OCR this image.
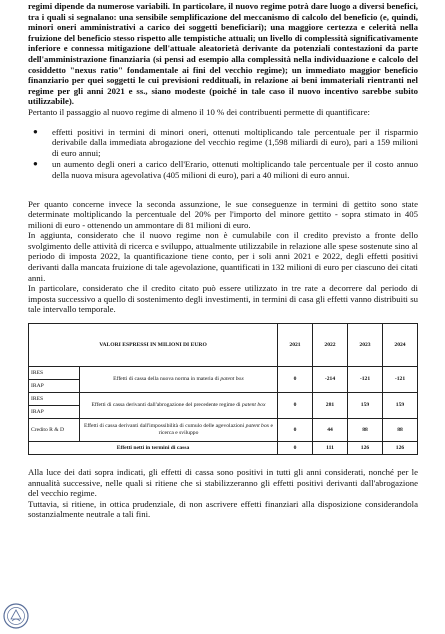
regimi dipende da numerose variabili. In particolare, il nuovo regime potrà dare luogo a diversi benefici, tra i quali si segnalano: una sensibile semplificazione del meccanismo di calcolo del beneficio (e, quindi, minori oneri amministrativi a carico dei soggetti beneficiari); una maggiore certezza e celerità nella fruizione del beneficio stesso rispetto alle tempistiche attuali; un livello di complessità significativamente inferiore e connessa mitigazione dell'attuale aleatorietà derivante da potenziali contestazioni da parte dell'amministrazione finanziaria (si pensi ad esempio alla complessità nella individuazione e calcolo del cosiddetto "nexus ratio" fondamentale ai fini del vecchio regime); un immediato maggior beneficio finanziario per quei soggetti le cui previsioni reddituali, in relazione ai beni immateriali rientranti nel regime per gli anni 2021 e ss., siano modeste (poiché in tale caso il nuovo incentivo sarebbe subito utilizzabile).

Pertanto il passaggio al nuovo regime di almeno il 10 % dei contribuenti permette di quantificare:

● effetti positivi in termini di minori oneri, ottenuti moltiplicando tale percentuale per il risparmio derivabile dalla immediata abrogazione del vecchio regime (1,598 miliardi di euro), pari a 159 milioni di euro annui;
● un aumento degli oneri a carico dell'Erario, ottenuti moltiplicando tale percentuale per il costo annuo della nuova misura agevolativa (405 milioni di euro), pari a 40 milioni di euro annui.

Per quanto concerne invece la seconda assunzione, le sue conseguenze in termini di gettito sono state determinate moltiplicando la percentuale del 20% per l'importo del minore gettito - sopra stimato in 405 milioni di euro - ottenendo un ammontare di 81 milioni di euro.

In aggiunta, considerato che il nuovo regime non è cumulabile con il credito previsto a fronte dello svolgimento delle attività di ricerca e sviluppo, attualmente utilizzabile in relazione alle spese sostenute sino al periodo di imposta 2022, la quantificazione tiene conto, per i soli anni 2021 e 2022, degli effetti positivi derivanti dalla mancata fruizione di tale agevolazione, quantificati in 132 milioni di euro per ciascuno dei citati anni.

In particolare, considerato che il credito citato può essere utilizzato in tre rate a decorrere dal periodo di imposta successivo a quello di sostenimento degli investimenti, in termini di casa gli effetti vanno distribuiti su tale intervallo temporale.

VALORI ESPRESSI IN MILIONI DI EURO		2021	2022	2023	2024
IRES	Effetti di cassa della nuova norma in materia di patent box	0	-214	-121	-121
IRAP					
IRES	Effetti di cassa derivanti dall'abrogazione del precedente regime di patent box	0	281	159	159
IRAP					
Credito R & D	Effetti di cassa derivanti dall'impossibilità di cumulo delle agevolazioni patent box e ricerca e sviluppo	0	44	88	88
Effetti netti in termini di cassa		0	111	126	126

Alla luce dei dati sopra indicati, gli effetti di cassa sono positivi in tutti gli anni considerati, nonché per le annualità successive, nelle quali si ritiene che si stabilizzeranno gli effetti positivi derivanti dall'abrogazione del vecchio regime.

Tuttavia, si ritiene, in ottica prudenziale, di non ascrivere effetti finanziari alla disposizione considerandola sostanzialmente neutrale a tali fini.
